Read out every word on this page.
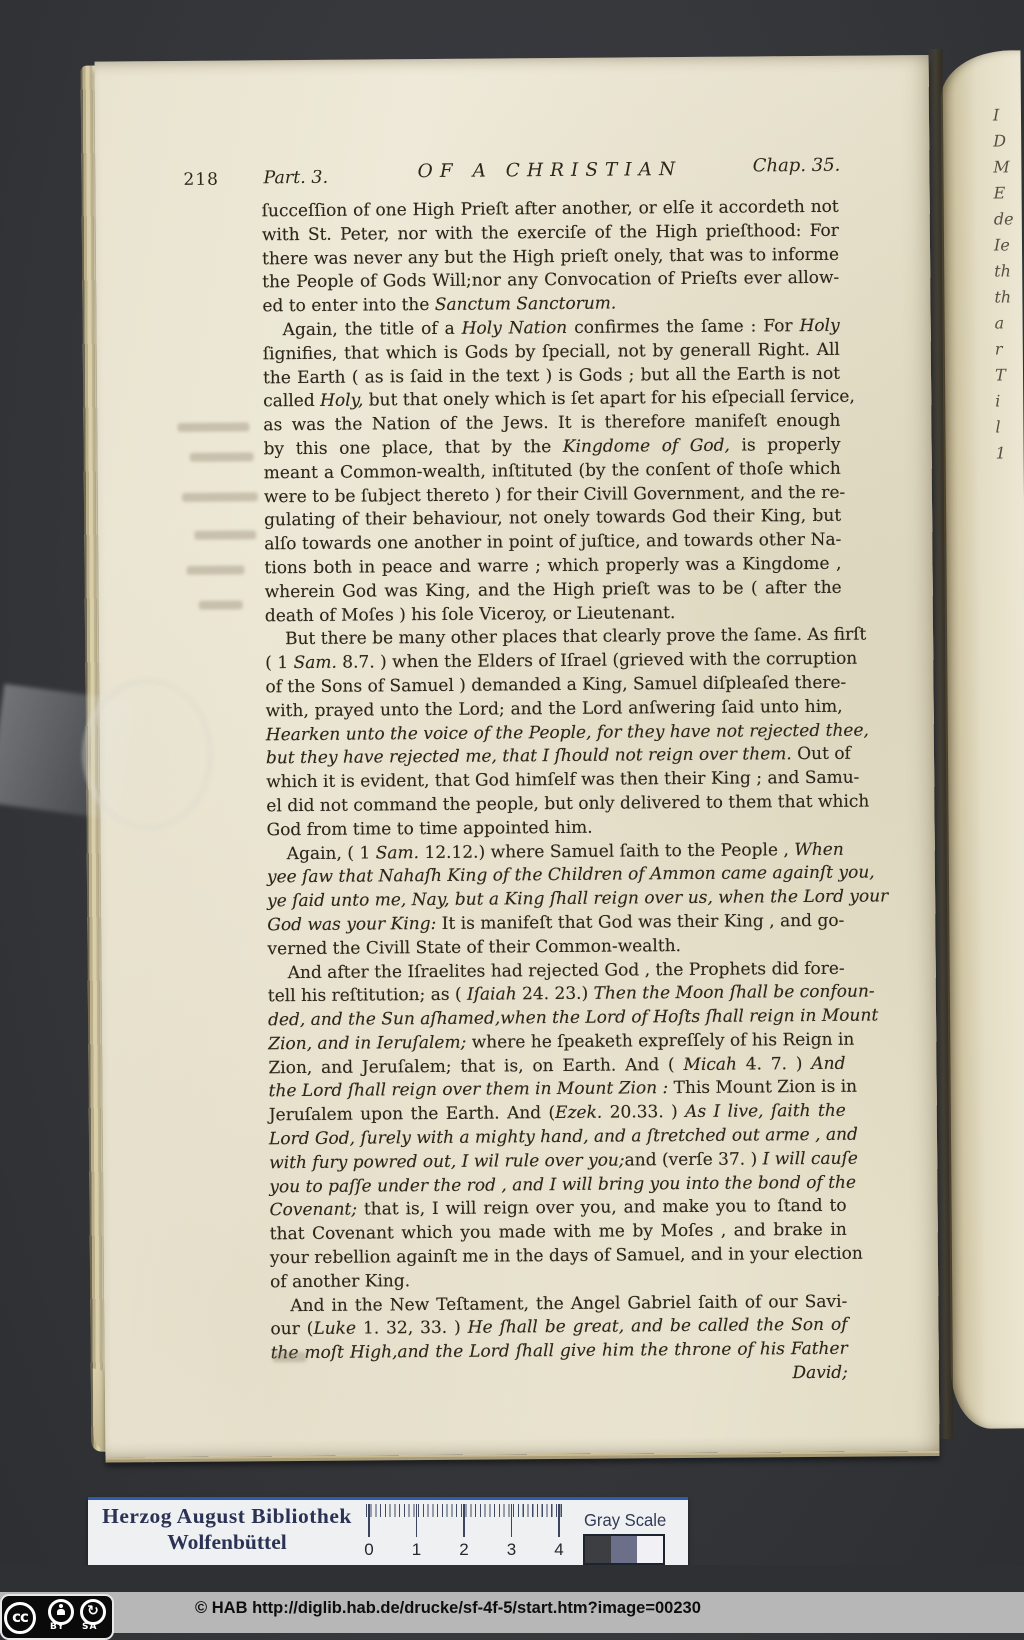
I
D
M
E
de
Ie
th
th
a
r
T
i
l
1
218	Part. 3.	OF A CHRISTIAN	Chap. 35.
ſucceſſion of one High Prieſt after another, or elſe it accordeth not
with St. Peter, nor with the exerciſe of the High prieſthood: For
there was never any but the High prieſt onely, that was to informe
the People of Gods Will;nor any Convocation of Prieſts ever allow-
ed to enter into the Sanctum Sanctorum.
Again, the title of a Holy Nation confirmes the ſame : For Holy
ſignifies, that which is Gods by ſpeciall, not by generall Right. All
the Earth ( as is ſaid in the text ) is Gods ; but all the Earth is not
called Holy, but that onely which is ſet apart for his eſpeciall ſervice,
as was the Nation of the Jews. It is therefore manifeſt enough
by this one place, that by the Kingdome of God, is properly
meant a Common-wealth, inſtituted (by the conſent of thoſe which
were to be ſubject thereto ) for their Civill Government, and the re-
gulating of their behaviour, not onely towards God their King, but
alſo towards one another in point of juſtice, and towards other Na-
tions both in peace and warre ; which properly was a Kingdome ,
wherein God was King, and the High prieſt was to be ( after the
death of Moſes ) his ſole Viceroy, or Lieutenant.
But there be many other places that clearly prove the ſame. As firſt
( 1 Sam. 8.7. ) when the Elders of Iſrael (grieved with the corruption
of the Sons of Samuel ) demanded a King, Samuel diſpleaſed there-
with, prayed unto the Lord; and the Lord anſwering ſaid unto him,
Hearken unto the voice of the People, for they have not rejected thee,
but they have rejected me, that I ſhould not reign over them. Out of
which it is evident, that God himſelf was then their King ; and Samu-
el did not command the people, but only delivered to them that which
God from time to time appointed him.
Again, ( 1 Sam. 12.12.) where Samuel ſaith to the People , When
yee ſaw that Nahaſh King of the Children of Ammon came againſt you,
ye ſaid unto me, Nay, but a King ſhall reign over us, when the Lord your
God was your King: It is manifeſt that God was their King , and go-
verned the Civill State of their Common-wealth.
And after the Iſraelites had rejected God , the Prophets did fore-
tell his reſtitution; as ( Iſaiah 24. 23.) Then the Moon ſhall be confoun-
ded, and the Sun aſhamed,when the Lord of Hoſts ſhall reign in Mount
Zion, and in Ieruſalem; where he ſpeaketh expreſſely of his Reign in
Zion, and Jeruſalem; that is, on Earth. And ( Micah 4. 7. ) And
the Lord ſhall reign over them in Mount Zion : This Mount Zion is in
Jeruſalem upon the Earth. And (Ezek. 20.33. ) As I live, ſaith the
Lord God, ſurely with a mighty hand, and a ſtretched out arme , and
with fury powred out, I wil rule over you;and (verſe 37. ) I will cauſe
you to paſſe under the rod , and I will bring you into the bond of the
Covenant; that is, I will reign over you, and make you to ſtand to
that Covenant which you made with me by Moſes , and brake in
your rebellion againſt me in the days of Samuel, and in your election
of another King.
And in the New Teſtament, the Angel Gabriel ſaith of our Savi-
our (Luke 1. 32, 33. ) He ſhall be great, and be called the Son of
the moſt High,and the Lord ſhall give him the throne of his Father
David;
Herzog August Bibliothek
Wolfenbüttel	0	1	2	3	4
Gray Scale
cc	↻
BY SA
© HAB http://diglib.hab.de/drucke/sf-4f-5/start.htm?image=00230
